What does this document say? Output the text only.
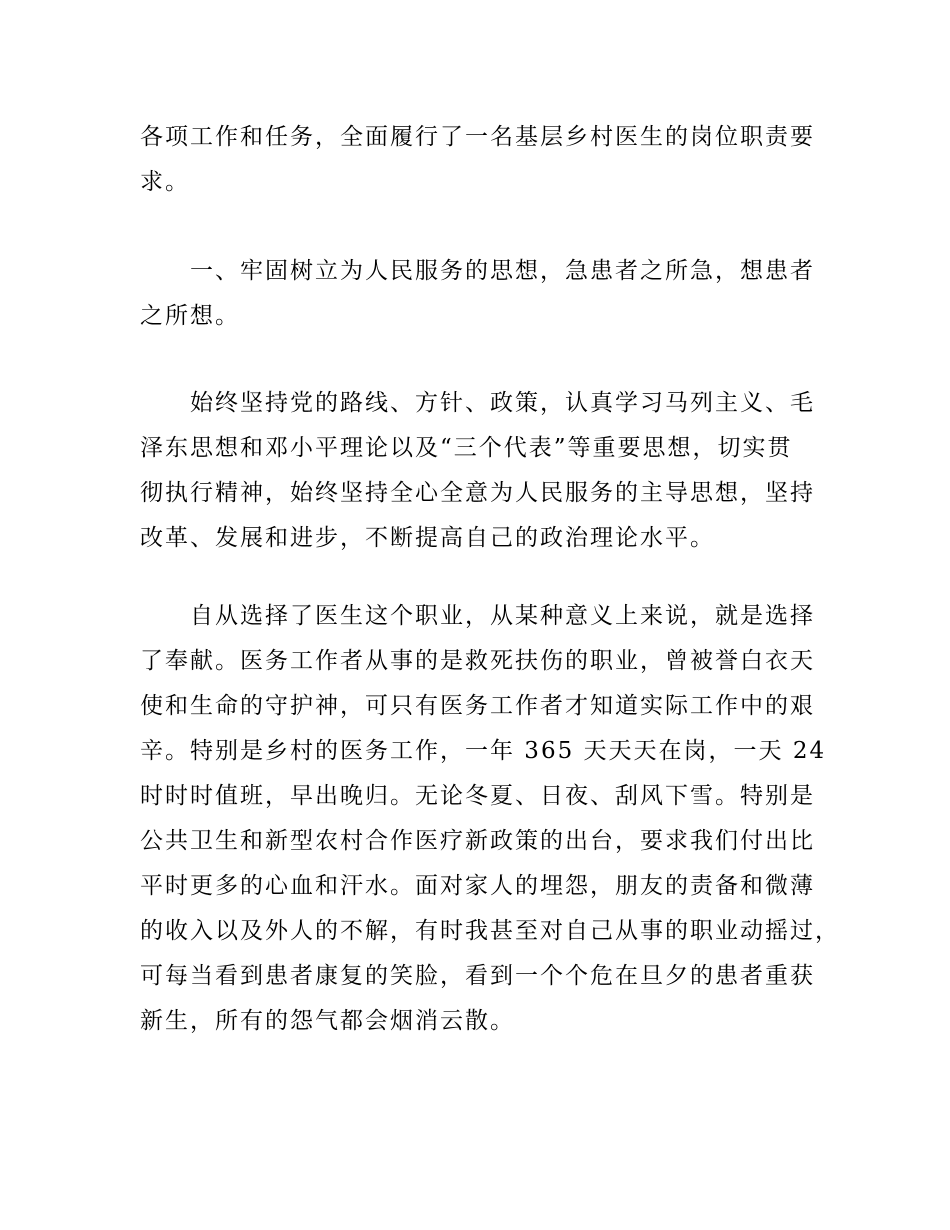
各项工作和任务，全面履行了一名基层乡村医生的岗位职责要
求。
一、牢固树立为人民服务的思想，急患者之所急，想患者
之所想。
始终坚持党的路线、方针、政策，认真学习马列主义、毛
泽东思想和邓小平理论以及“三个代表”等重要思想，切实贯
彻执行精神，始终坚持全心全意为人民服务的主导思想，坚持
改革、发展和进步，不断提高自己的政治理论水平。
自从选择了医生这个职业，从某种意义上来说，就是选择
了奉献。医务工作者从事的是救死扶伤的职业，曾被誉白衣天
使和生命的守护神，可只有医务工作者才知道实际工作中的艰
辛。特别是乡村的医务工作，一年 365 天天天在岗，一天 24
时时时值班，早出晚归。无论冬夏、日夜、刮风下雪。特别是
公共卫生和新型农村合作医疗新政策的出台，要求我们付出比
平时更多的心血和汗水。面对家人的埋怨，朋友的责备和微薄
的收入以及外人的不解，有时我甚至对自己从事的职业动摇过，
可每当看到患者康复的笑脸，看到一个个危在旦夕的患者重获
新生，所有的怨气都会烟消云散。
